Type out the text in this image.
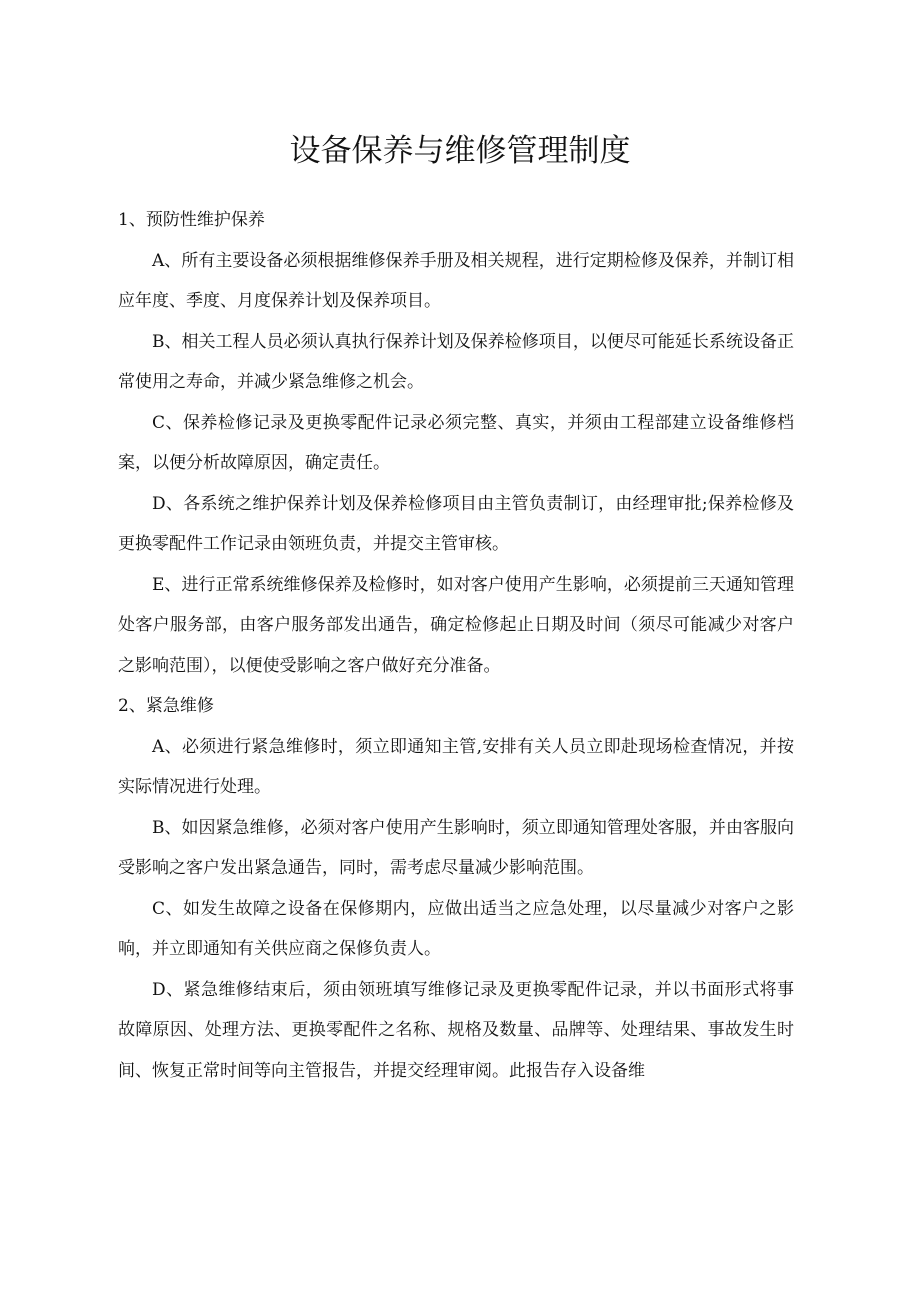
设备保养与维修管理制度

1、预防性维护保养

A、所有主要设备必须根据维修保养手册及相关规程，进行定期检修及保养，并制订相应年度、季度、月度保养计划及保养项目。

B、相关工程人员必须认真执行保养计划及保养检修项目，以便尽可能延长系统设备正常使用之寿命，并减少紧急维修之机会。

C、保养检修记录及更换零配件记录必须完整、真实，并须由工程部建立设备维修档案，以便分析故障原因，确定责任。

D、各系统之维护保养计划及保养检修项目由主管负责制订，由经理审批;保养检修及更换零配件工作记录由领班负责，并提交主管审核。

E、进行正常系统维修保养及检修时，如对客户使用产生影响，必须提前三天通知管理处客户服务部，由客户服务部发出通告，确定检修起止日期及时间（须尽可能减少对客户之影响范围），以便使受影响之客户做好充分准备。

2、紧急维修

A、必须进行紧急维修时，须立即通知主管,安排有关人员立即赴现场检查情况，并按实际情况进行处理。

B、如因紧急维修，必须对客户使用产生影响时，须立即通知管理处客服，并由客服向受影响之客户发出紧急通告，同时，需考虑尽量减少影响范围。

C、如发生故障之设备在保修期内，应做出适当之应急处理，以尽量减少对客户之影响，并立即通知有关供应商之保修负责人。

D、紧急维修结束后，须由领班填写维修记录及更换零配件记录，并以书面形式将事故障原因、处理方法、更换零配件之名称、规格及数量、品牌等、处理结果、事故发生时间、恢复正常时间等向主管报告，并提交经理审阅。此报告存入设备维
